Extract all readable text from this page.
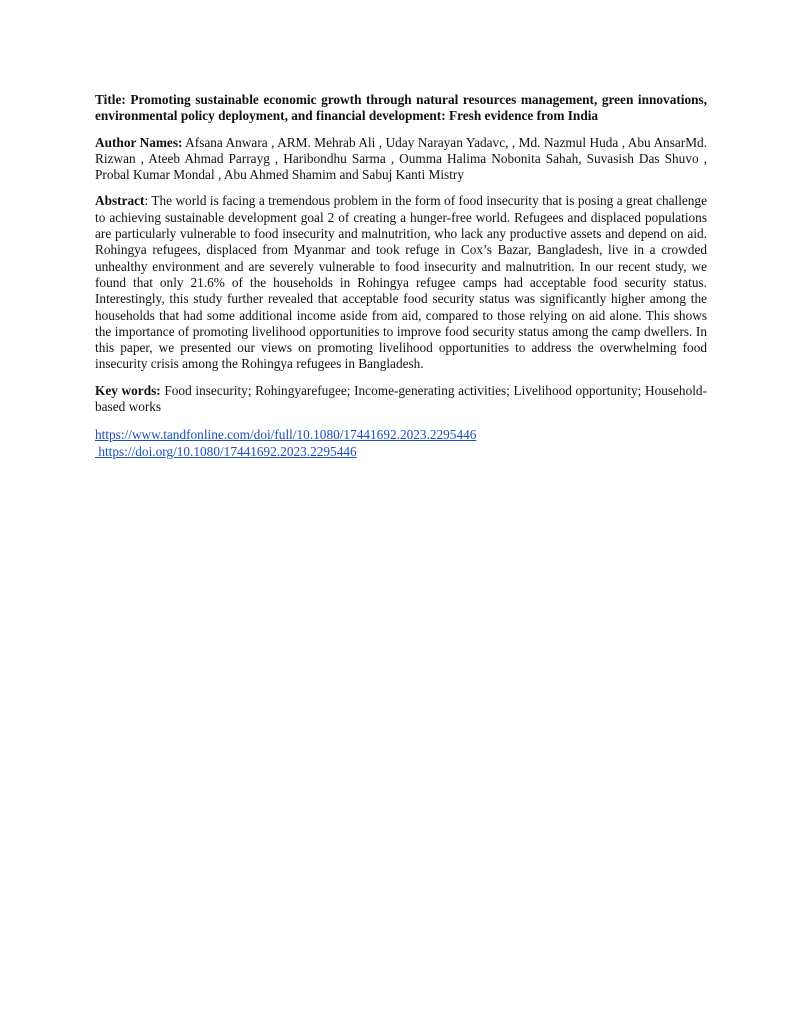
Title: Promoting sustainable economic growth through natural resources management, green innovations, environmental policy deployment, and financial development: Fresh evidence from India

Author Names: Afsana Anwara , ARM. Mehrab Ali , Uday Narayan Yadavc, , Md. Nazmul Huda , Abu AnsarMd. Rizwan , Ateeb Ahmad Parrayg , Haribondhu Sarma , Oumma Halima Nobonita Sahah, Suvasish Das Shuvo , Probal Kumar Mondal , Abu Ahmed Shamim and Sabuj Kanti Mistry

Abstract: The world is facing a tremendous problem in the form of food insecurity that is posing a great challenge to achieving sustainable development goal 2 of creating a hunger-free world. Refugees and displaced populations are particularly vulnerable to food insecurity and malnutrition, who lack any productive assets and depend on aid. Rohingya refugees, displaced from Myanmar and took refuge in Cox’s Bazar, Bangladesh, live in a crowded unhealthy environment and are severely vulnerable to food insecurity and malnutrition. In our recent study, we found that only 21.6% of the households in Rohingya refugee camps had acceptable food security status. Interestingly, this study further revealed that acceptable food security status was significantly higher among the households that had some additional income aside from aid, compared to those relying on aid alone. This shows the importance of promoting livelihood opportunities to improve food security status among the camp dwellers. In this paper, we presented our views on promoting livelihood opportunities to address the overwhelming food insecurity crisis among the Rohingya refugees in Bangladesh.

Key words: Food insecurity; Rohingyarefugee; Income-generating activities; Livelihood opportunity; Household-based works

https://www.tandfonline.com/doi/full/10.1080/17441692.2023.2295446
https://doi.org/10.1080/17441692.2023.2295446
